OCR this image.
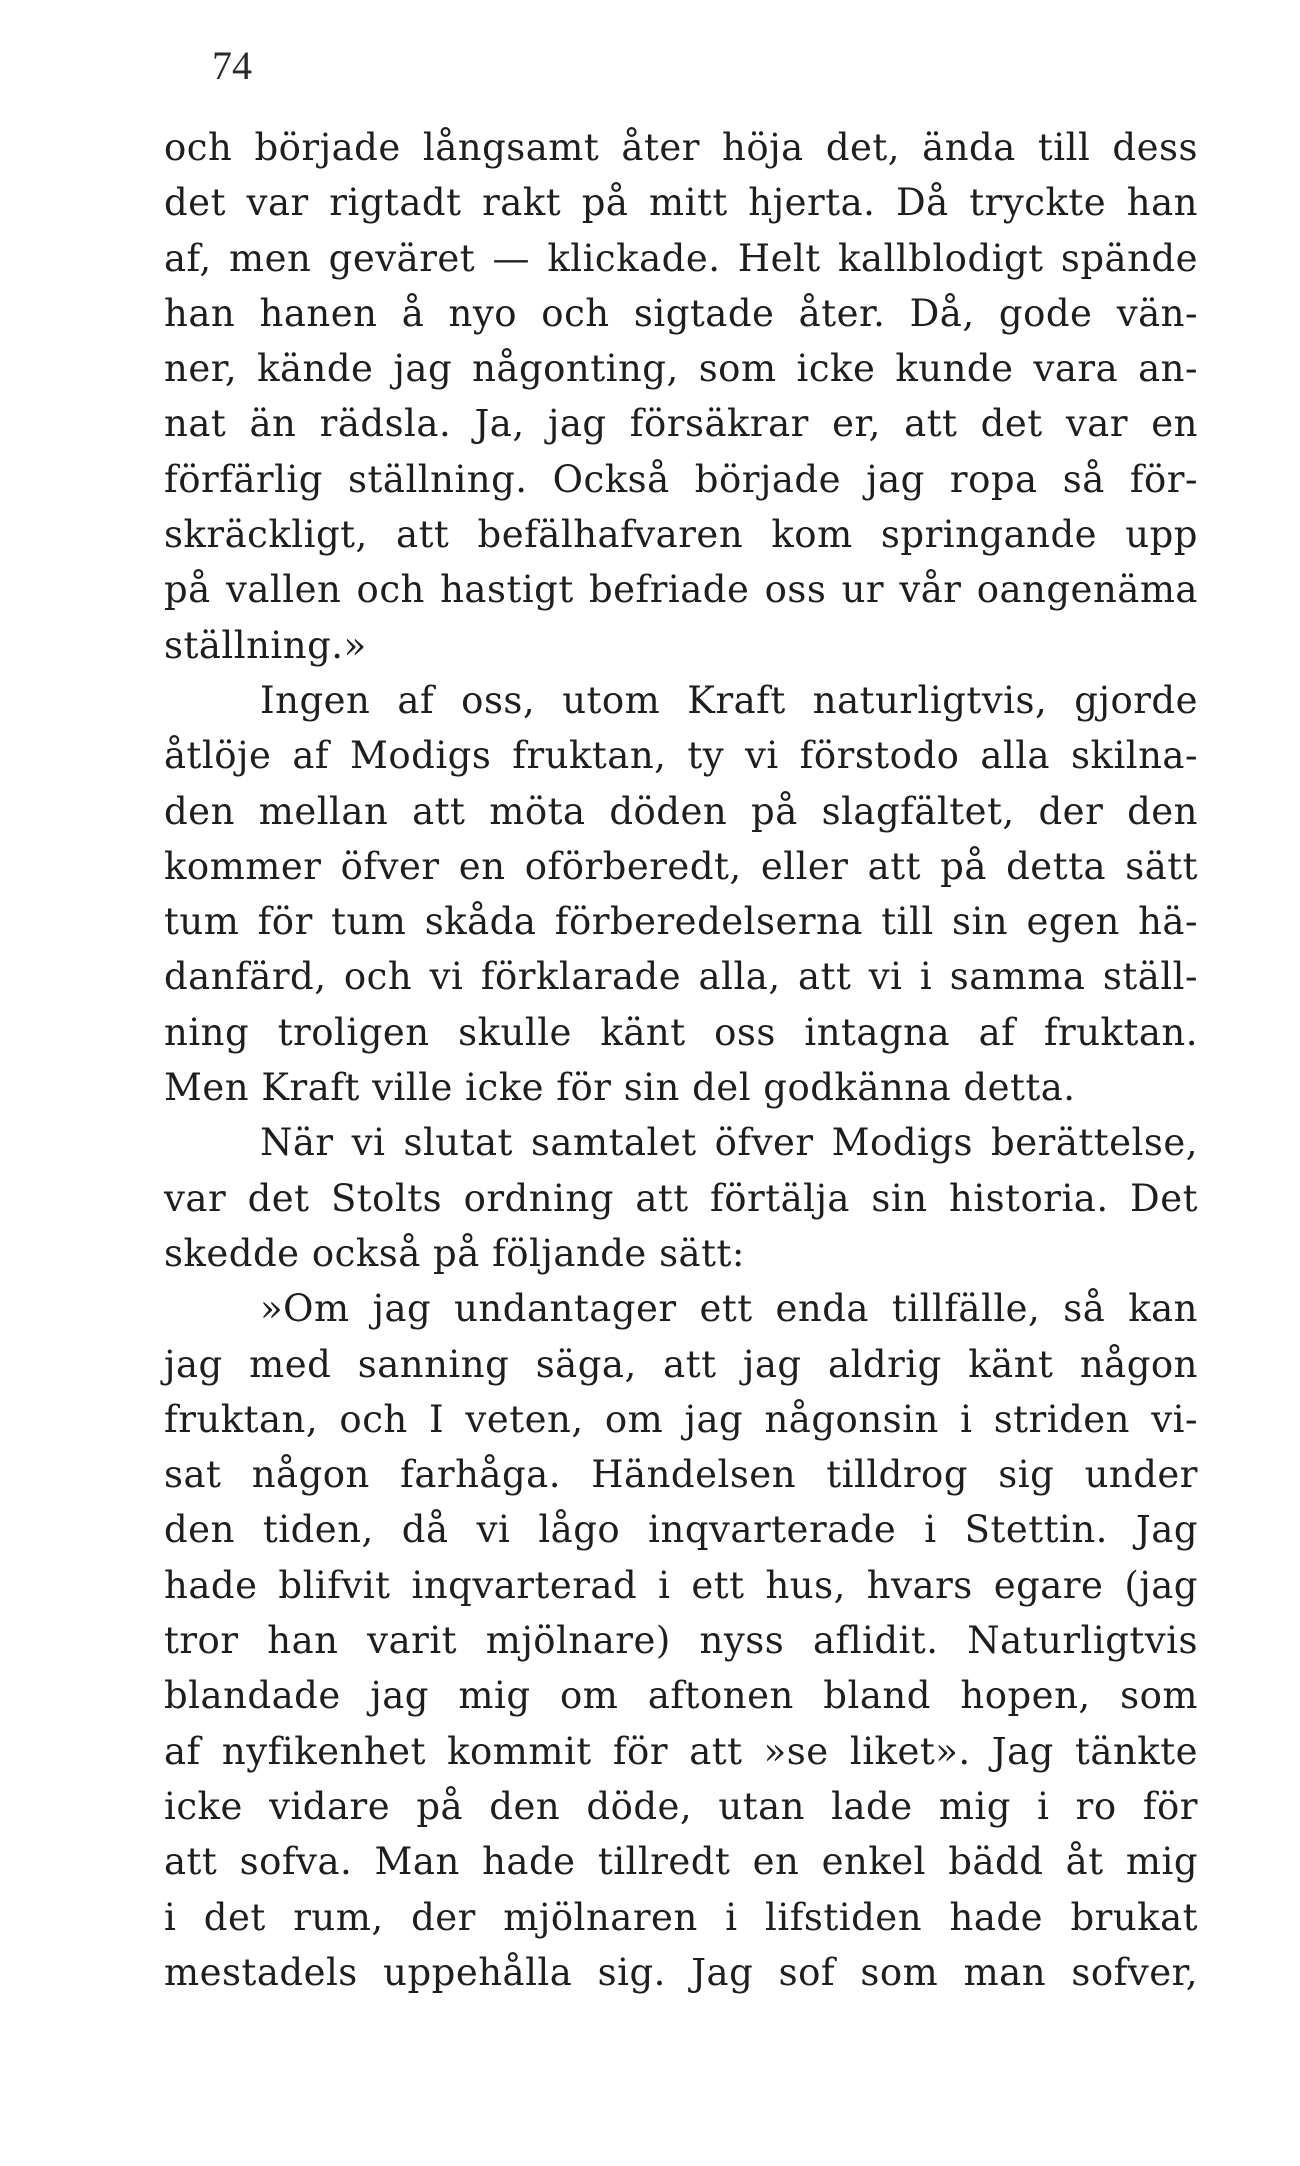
74
och började långsamt åter höja det, ända till dess
det var rigtadt rakt på mitt hjerta. Då tryckte han
af, men geväret — klickade. Helt kallblodigt spände
han hanen å nyo och sigtade åter. Då, gode vän-
ner, kände jag någonting, som icke kunde vara an-
nat än rädsla. Ja, jag försäkrar er, att det var en
förfärlig ställning. Också började jag ropa så för-
skräckligt, att befälhafvaren kom springande upp
på vallen och hastigt befriade oss ur vår oangenäma
ställning.»
Ingen af oss, utom Kraft naturligtvis, gjorde
åtlöje af Modigs fruktan, ty vi förstodo alla skilna-
den mellan att möta döden på slagfältet, der den
kommer öfver en oförberedt, eller att på detta sätt
tum för tum skåda förberedelserna till sin egen hä-
danfärd, och vi förklarade alla, att vi i samma ställ-
ning troligen skulle känt oss intagna af fruktan.
Men Kraft ville icke för sin del godkänna detta.
När vi slutat samtalet öfver Modigs berättelse,
var det Stolts ordning att förtälja sin historia. Det
skedde också på följande sätt:
»Om jag undantager ett enda tillfälle, så kan
jag med sanning säga, att jag aldrig känt någon
fruktan, och I veten, om jag någonsin i striden vi-
sat någon farhåga. Händelsen tilldrog sig under
den tiden, då vi lågo inqvarterade i Stettin. Jag
hade blifvit inqvarterad i ett hus, hvars egare (jag
tror han varit mjölnare) nyss aflidit. Naturligtvis
blandade jag mig om aftonen bland hopen, som
af nyfikenhet kommit för att »se liket». Jag tänkte
icke vidare på den döde, utan lade mig i ro för
att sofva. Man hade tillredt en enkel bädd åt mig
i det rum, der mjölnaren i lifstiden hade brukat
mestadels uppehålla sig. Jag sof som man sofver,
